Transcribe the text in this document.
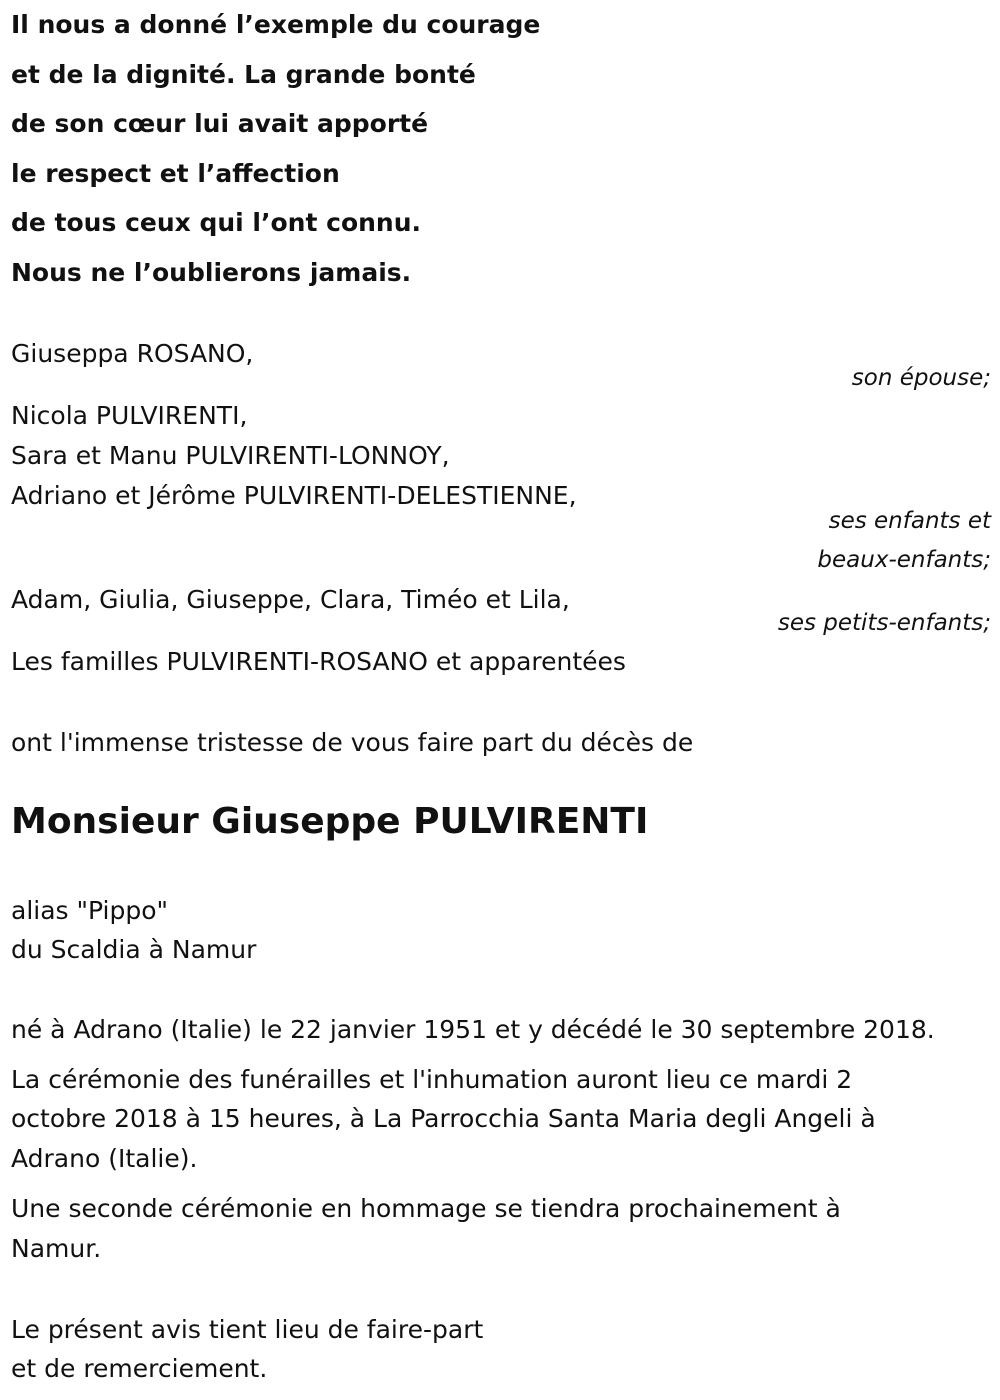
Il nous a donné l’exemple du courage
et de la dignité. La grande bonté
de son cœur lui avait apporté
le respect et l’affection
de tous ceux qui l’ont connu.
Nous ne l’oublierons jamais.
Giuseppa ROSANO,
son épouse;
Nicola PULVIRENTI,
Sara et Manu PULVIRENTI-LONNOY,
Adriano et Jérôme PULVIRENTI-DELESTIENNE,
ses enfants et
beaux-enfants;
Adam, Giulia, Giuseppe, Clara, Timéo et Lila,
ses petits-enfants;
Les familles PULVIRENTI-ROSANO et apparentées
ont l'immense tristesse de vous faire part du décès de
Monsieur Giuseppe PULVIRENTI
alias "Pippo"
du Scaldia à Namur
né à Adrano (Italie) le 22 janvier 1951 et y décédé le 30 septembre 2018.
La cérémonie des funérailles et l'inhumation auront lieu ce mardi 2
octobre 2018 à 15 heures, à La Parrocchia Santa Maria degli Angeli à
Adrano (Italie).
Une seconde cérémonie en hommage se tiendra prochainement à
Namur.
Le présent avis tient lieu de faire-part
et de remerciement.
